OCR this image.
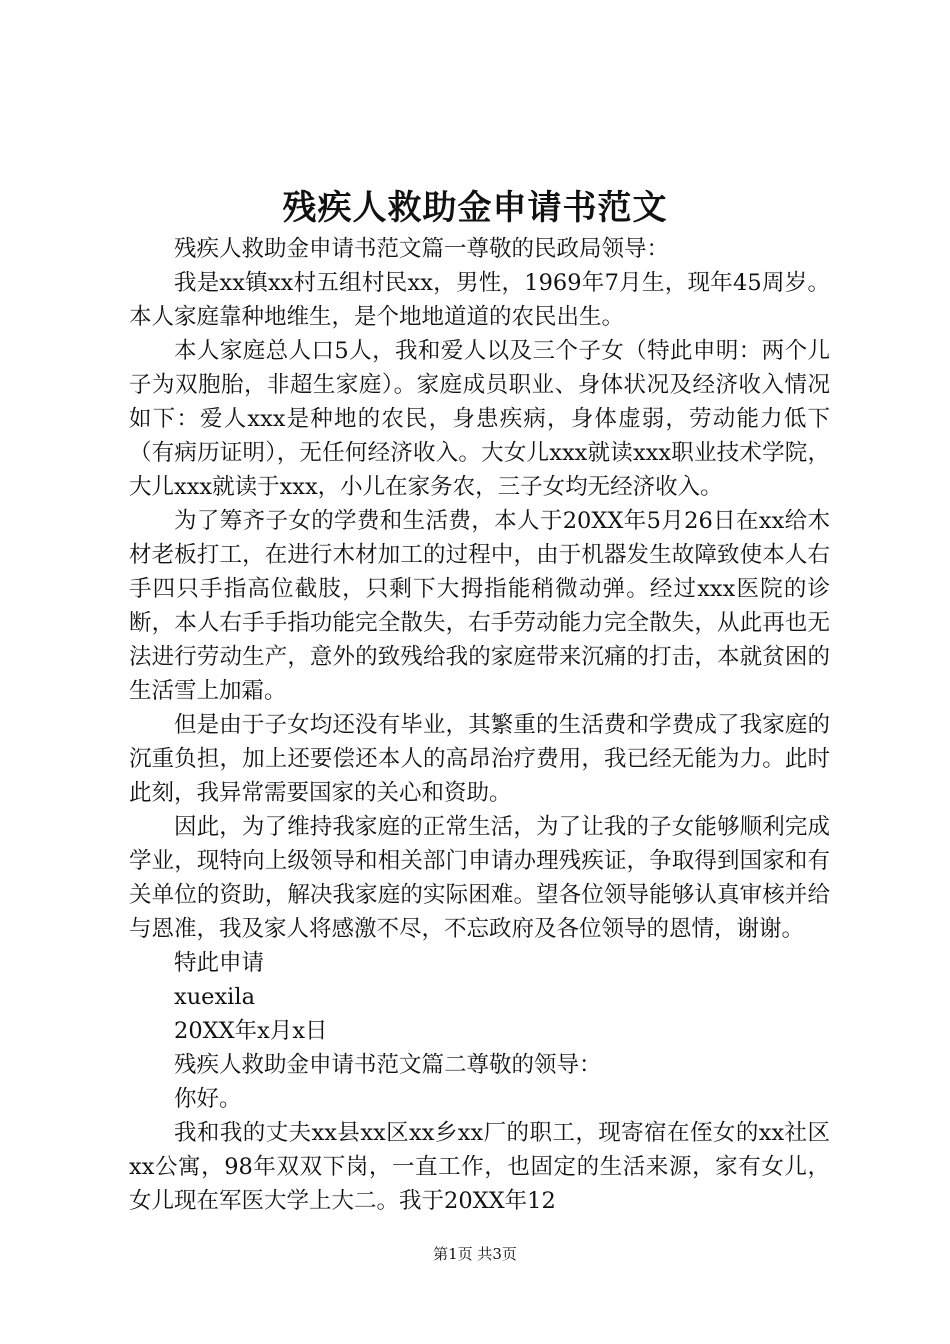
残疾人救助金申请书范文

残疾人救助金申请书范文篇一尊敬的民政局领导：

我是xx镇xx村五组村民xx，男性，1969年7月生，现年45周岁。本人家庭靠种地维生，是个地地道道的农民出生。

本人家庭总人口5人，我和爱人以及三个子女（特此申明：两个儿子为双胞胎，非超生家庭）。家庭成员职业、身体状况及经济收入情况如下：爱人xxx是种地的农民，身患疾病，身体虚弱，劳动能力低下（有病历证明），无任何经济收入。大女儿xxx就读xxx职业技术学院，大儿xxx就读于xxx，小儿在家务农，三子女均无经济收入。

为了筹齐子女的学费和生活费，本人于20XX年5月26日在xx给木材老板打工，在进行木材加工的过程中，由于机器发生故障致使本人右手四只手指高位截肢，只剩下大拇指能稍微动弹。经过xxx医院的诊断，本人右手手指功能完全散失，右手劳动能力完全散失，从此再也无法进行劳动生产，意外的致残给我的家庭带来沉痛的打击，本就贫困的生活雪上加霜。

但是由于子女均还没有毕业，其繁重的生活费和学费成了我家庭的沉重负担，加上还要偿还本人的高昂治疗费用，我已经无能为力。此时此刻，我异常需要国家的关心和资助。

因此，为了维持我家庭的正常生活，为了让我的子女能够顺利完成学业，现特向上级领导和相关部门申请办理残疾证，争取得到国家和有关单位的资助，解决我家庭的实际困难。望各位领导能够认真审核并给与恩准，我及家人将感激不尽，不忘政府及各位领导的恩情，谢谢。

特此申请

xuexila

20XX年x月x日

残疾人救助金申请书范文篇二尊敬的领导：

你好。

我和我的丈夫xx县xx区xx乡xx厂的职工，现寄宿在侄女的xx社区xx公寓，98年双双下岗，一直工作，也固定的生活来源，家有女儿，女儿现在军医大学上大二。我于20XX年12

第1页 共3页
